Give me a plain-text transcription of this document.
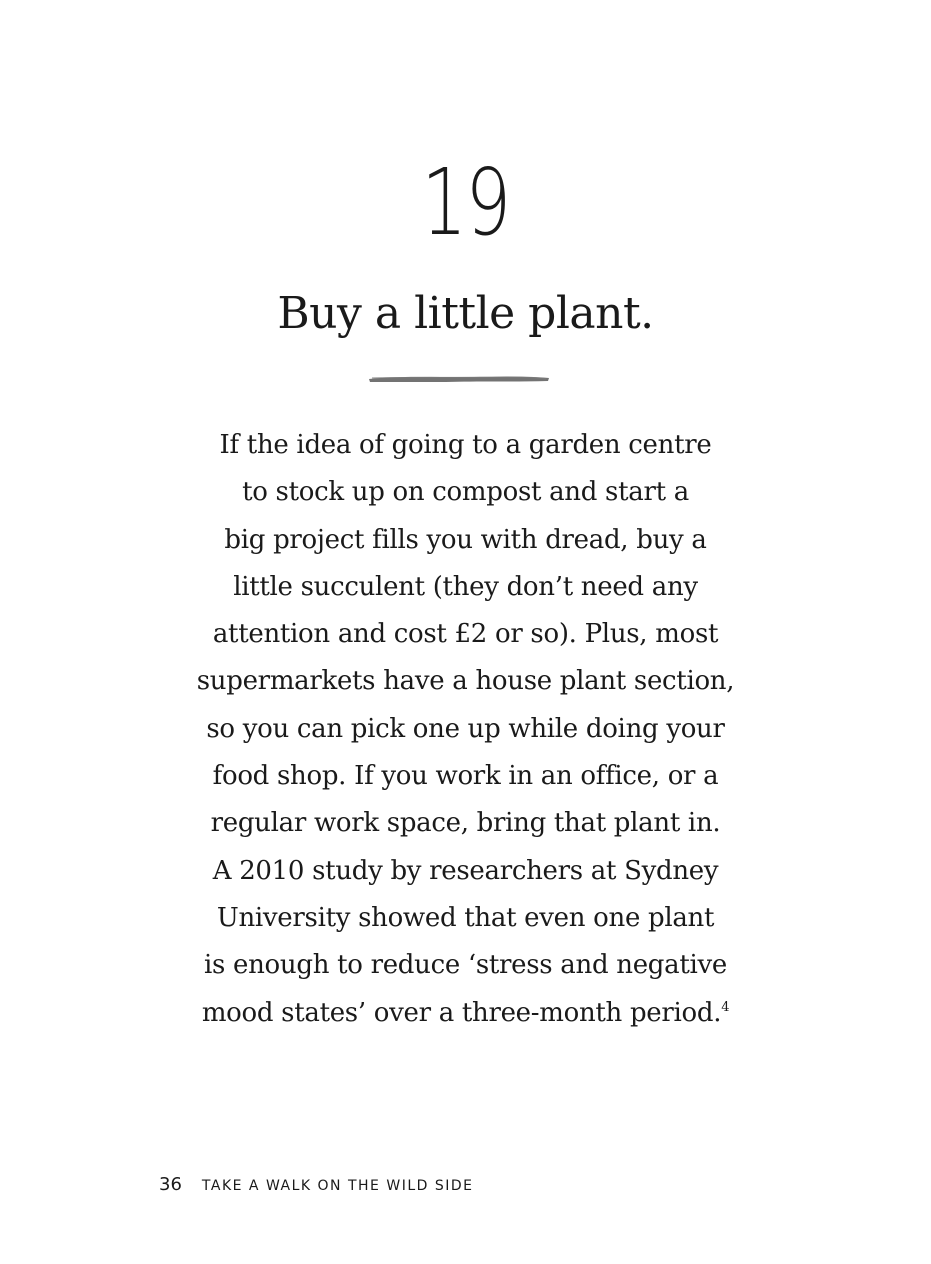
19
Buy a little plant.
If the idea of going to a garden centre
to stock up on compost and start a
big project fills you with dread, buy a
little succulent (they don’t need any
attention and cost £2 or so). Plus, most
supermarkets have a house plant section,
so you can pick one up while doing your
food shop. If you work in an office, or a
regular work space, bring that plant in.
A 2010 study by researchers at Sydney
University showed that even one plant
is enough to reduce ‘stress and negative
mood states’ over a three-month period.$^4$
36 TAKE A WALK ON THE WILD SIDE
